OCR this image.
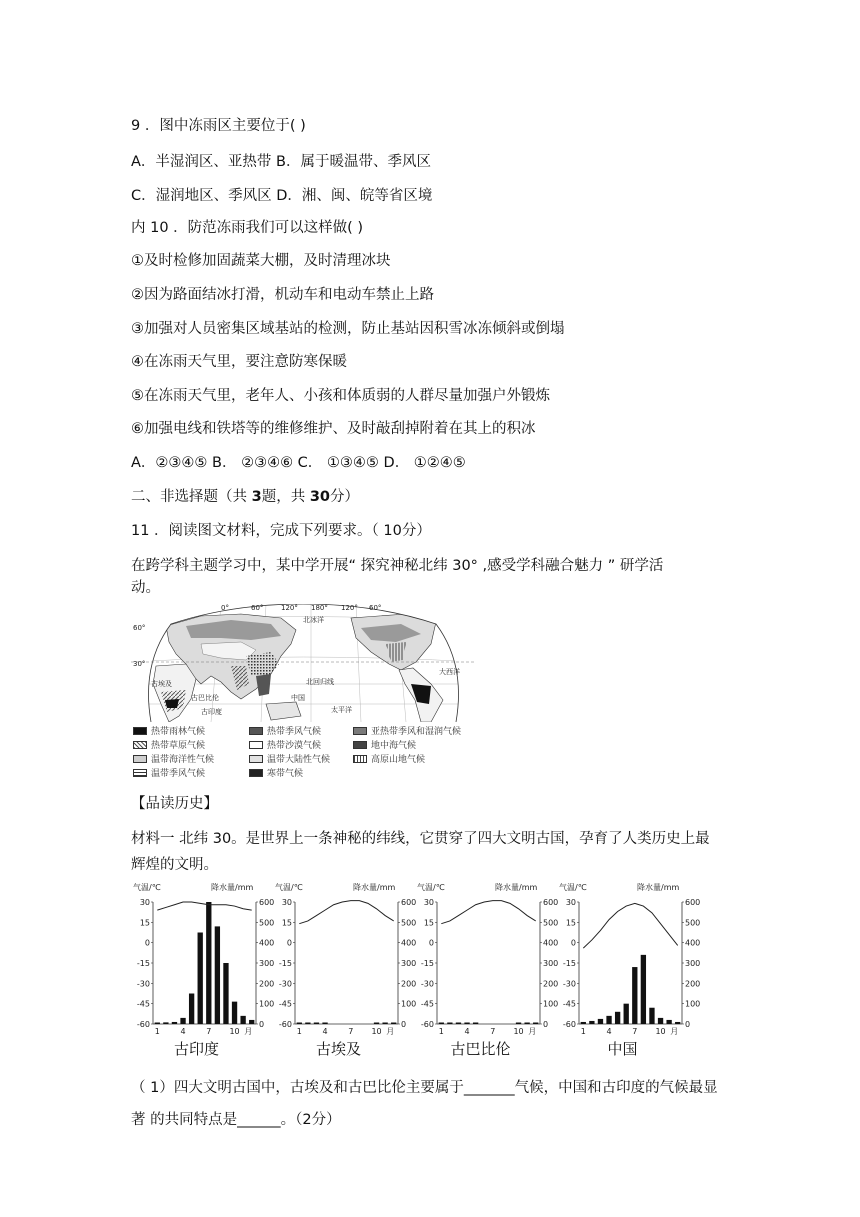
9 ．图中冻雨区主要位于( )
A．半湿润区、亚热带 B．属于暖温带、季风区
C．湿润地区、季风区 D．湘、闽、皖等省区境
内 10 ．防范冻雨我们可以这样做( )
①及时检修加固蔬菜大棚，及时清理冰块
②因为路面结冰打滑，机动车和电动车禁止上路
③加强对人员密集区域基站的检测，防止基站因积雪冰冻倾斜或倒塌
④在冻雨天气里，要注意防寒保暖
⑤在冻雨天气里，老年人、小孩和体质弱的人群尽量加强户外锻炼
⑥加强电线和铁塔等的维修维护、及时敲刮掉附着在其上的积冰
A．②③④⑤ B． ②③④⑥ C． ①③④⑤ D． ①②④⑤
二、非选择题（共 3题，共 30分）
11 ．阅读图文材料，完成下列要求。（ 10分）
在跨学科主题学习中，某中学开展“ 探究神秘北纬 30° ,感受学科融合魅力 ” 研学活
动。
0°	60°	120° 180° 120° 60°
60°
30°
古埃及
古巴比伦
古印度
中国
太平洋
大西洋
北冰洋
北回归线
热带雨林气候	热带季风气候	亚热带季风和湿润气候
热带草原气候	热带沙漠气候	地中海气候
温带海洋性气候	温带大陆性气候	高原山地气候
温带季风气候	寒带气候
【品读历史】
材料一 北纬 30。是世界上一条神秘的纬线，它贯穿了四大文明古国，孕育了人类历史上最
辉煌的文明。
气温/℃	降水量/mm
30
15
0
-15
-30
-45
-60
600
500
400
300
200
100
0
1	4	7 10 月
古印度
气温/℃	降水量/mm
30
15
0
-15
-30
-45
-60
600
500
400
300
200
100
0
1	4	7 10 月
古埃及
气温/℃	降水量/mm
30
15
0
-15
-30
-45
-60
600
500
400
300
200
100
0
1	4	7 10 月
古巴比伦
气温/℃	降水量/mm
30
15
0
-15
-30
-45
-60
600
500
400
300
200
100
0
1	4	7 10 月
中国
（ 1）四大文明古国中，古埃及和古巴比伦主要属于_______气候，中国和古印度的气候最显
著 的共同特点是______。（2分）
